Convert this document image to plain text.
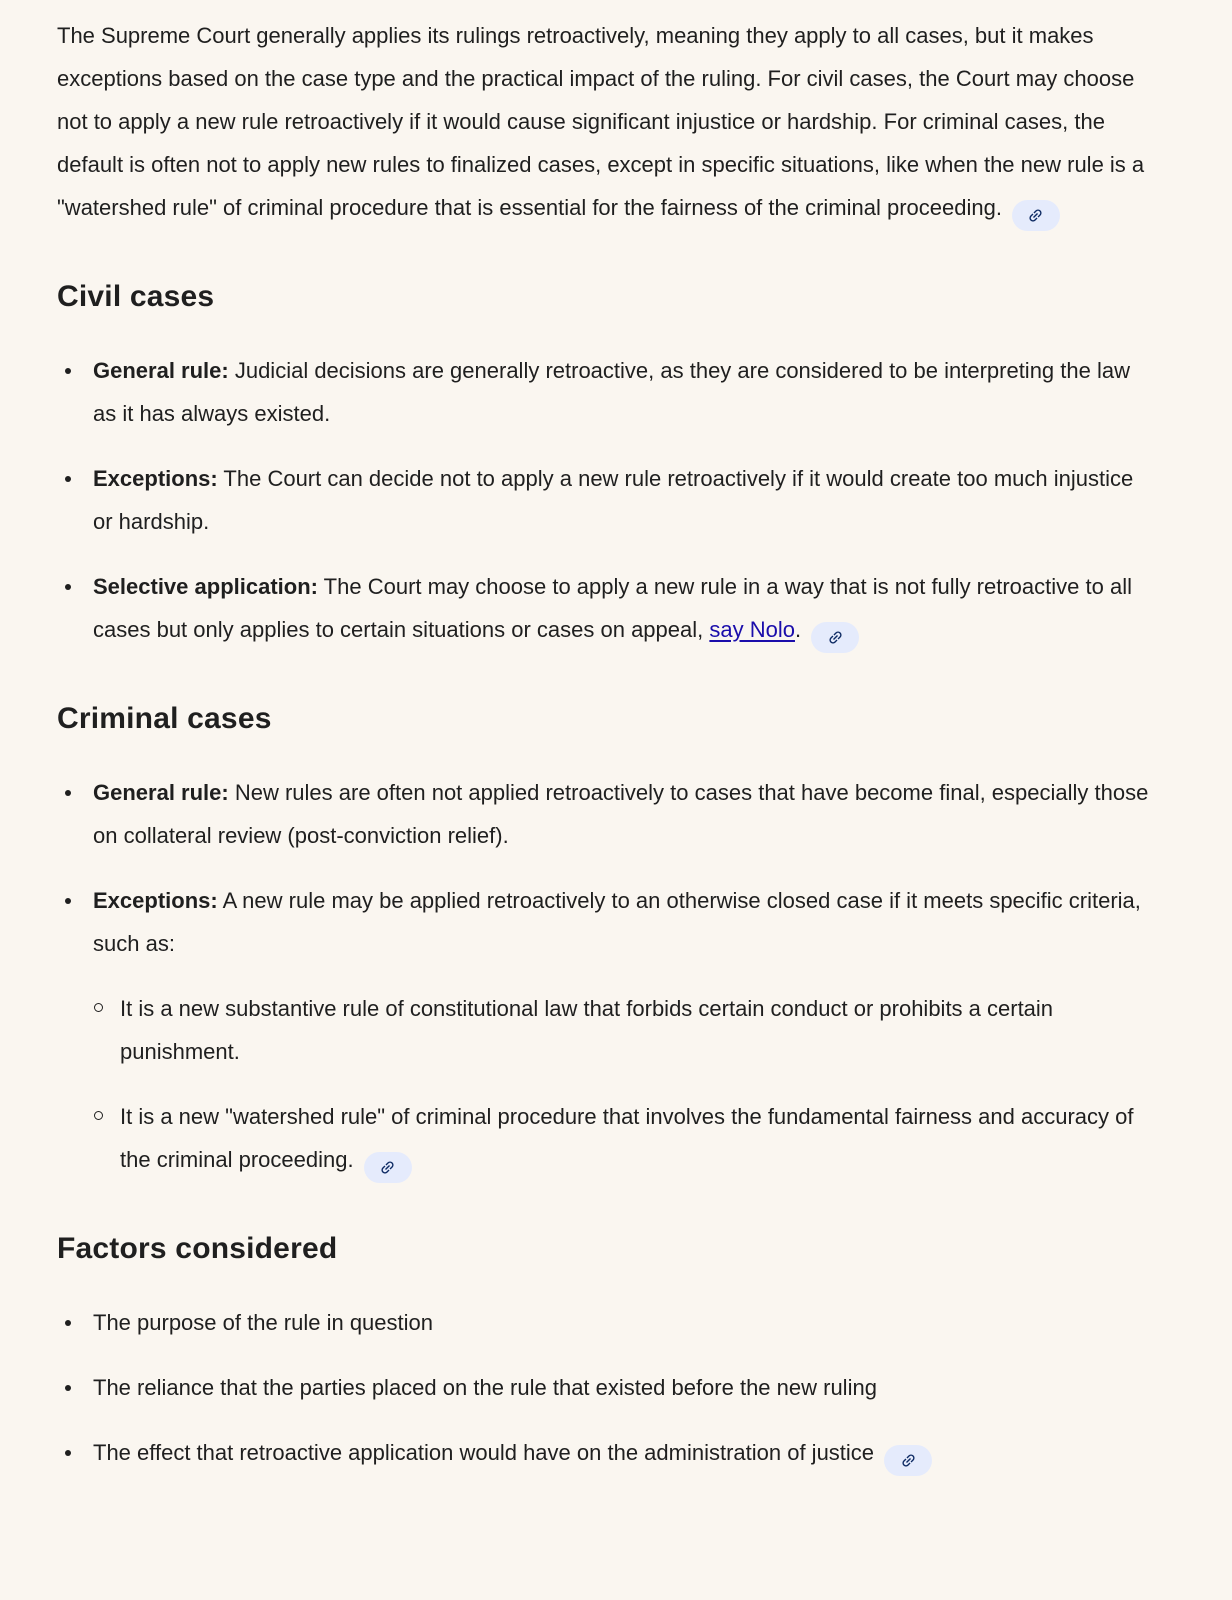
The Supreme Court generally applies its rulings retroactively, meaning they apply to all cases, but it makes exceptions based on the case type and the practical impact of the ruling. For civil cases, the Court may choose not to apply a new rule retroactively if it would cause significant injustice or hardship. For criminal cases, the default is often not to apply new rules to finalized cases, except in specific situations, like when the new rule is a "watershed rule" of criminal procedure that is essential for the fairness of the criminal proceeding.

Civil cases
General rule: Judicial decisions are generally retroactive, as they are considered to be interpreting the law as it has always existed.
Exceptions: The Court can decide not to apply a new rule retroactively if it would create too much injustice or hardship.
Selective application: The Court may choose to apply a new rule in a way that is not fully retroactive to all cases but only applies to certain situations or cases on appeal, say Nolo.
Criminal cases
General rule: New rules are often not applied retroactively to cases that have become final, especially those on collateral review (post-conviction relief).
Exceptions: A new rule may be applied retroactively to an otherwise closed case if it meets specific criteria, such as:
It is a new substantive rule of constitutional law that forbids certain conduct or prohibits a certain punishment.
It is a new "watershed rule" of criminal procedure that involves the fundamental fairness and accuracy of the criminal proceeding.
Factors considered
The purpose of the rule in question
The reliance that the parties placed on the rule that existed before the new ruling
The effect that retroactive application would have on the administration of justice
